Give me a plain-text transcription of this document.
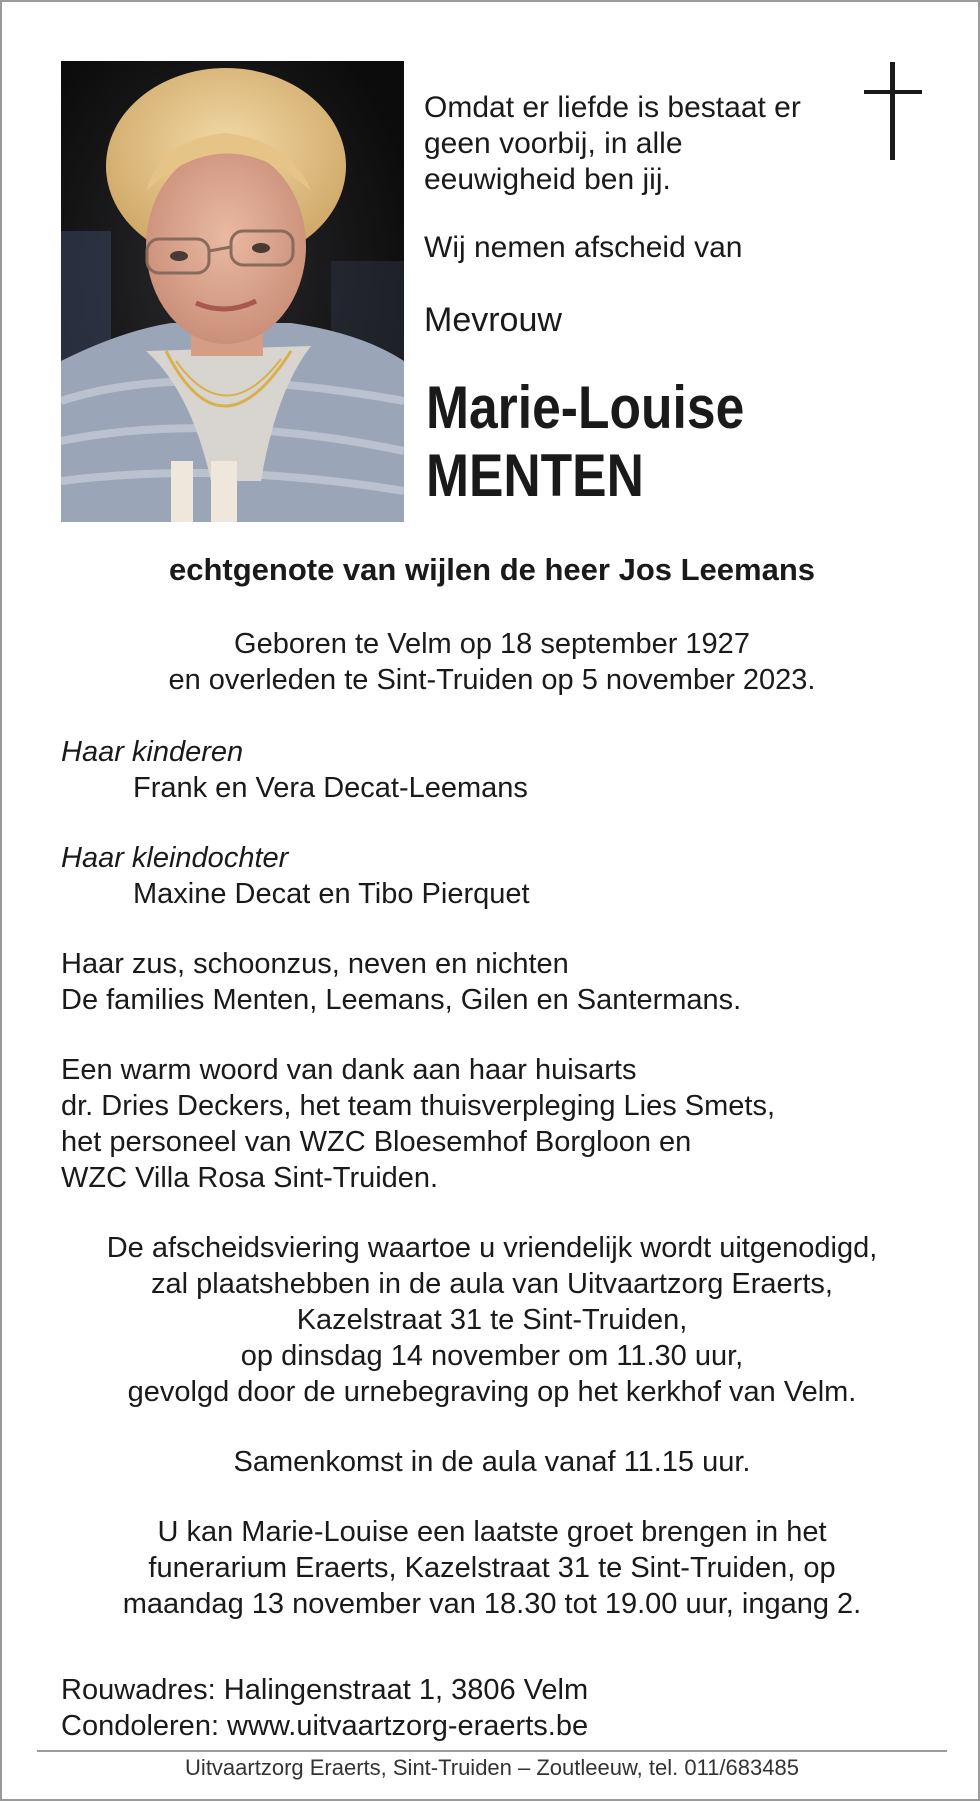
Omdat er liefde is bestaat er
geen voorbij, in alle
eeuwigheid ben jij.
Wij nemen afscheid van
Mevrouw
Marie-Louise
MENTEN
echtgenote van wijlen de heer Jos Leemans
Geboren te Velm op 18 september 1927
en overleden te Sint-Truiden op 5 november 2023.
Haar kinderen
Frank en Vera Decat-Leemans
Haar kleindochter
Maxine Decat en Tibo Pierquet
Haar zus, schoonzus, neven en nichten
De families Menten, Leemans, Gilen en Santermans.
Een warm woord van dank aan haar huisarts
dr. Dries Deckers, het team thuisverpleging Lies Smets,
het personeel van WZC Bloesemhof Borgloon en
WZC Villa Rosa Sint-Truiden.
De afscheidsviering waartoe u vriendelijk wordt uitgenodigd,
zal plaatshebben in de aula van Uitvaartzorg Eraerts,
Kazelstraat 31 te Sint-Truiden,
op dinsdag 14 november om 11.30 uur,
gevolgd door de urnebegraving op het kerkhof van Velm.
Samenkomst in de aula vanaf 11.15 uur.
U kan Marie-Louise een laatste groet brengen in het
funerarium Eraerts, Kazelstraat 31 te Sint-Truiden, op
maandag 13 november van 18.30 tot 19.00 uur, ingang 2.
Rouwadres: Halingenstraat 1, 3806 Velm
Condoleren: www.uitvaartzorg-eraerts.be
Uitvaartzorg Eraerts, Sint-Truiden – Zoutleeuw, tel. 011/683485
